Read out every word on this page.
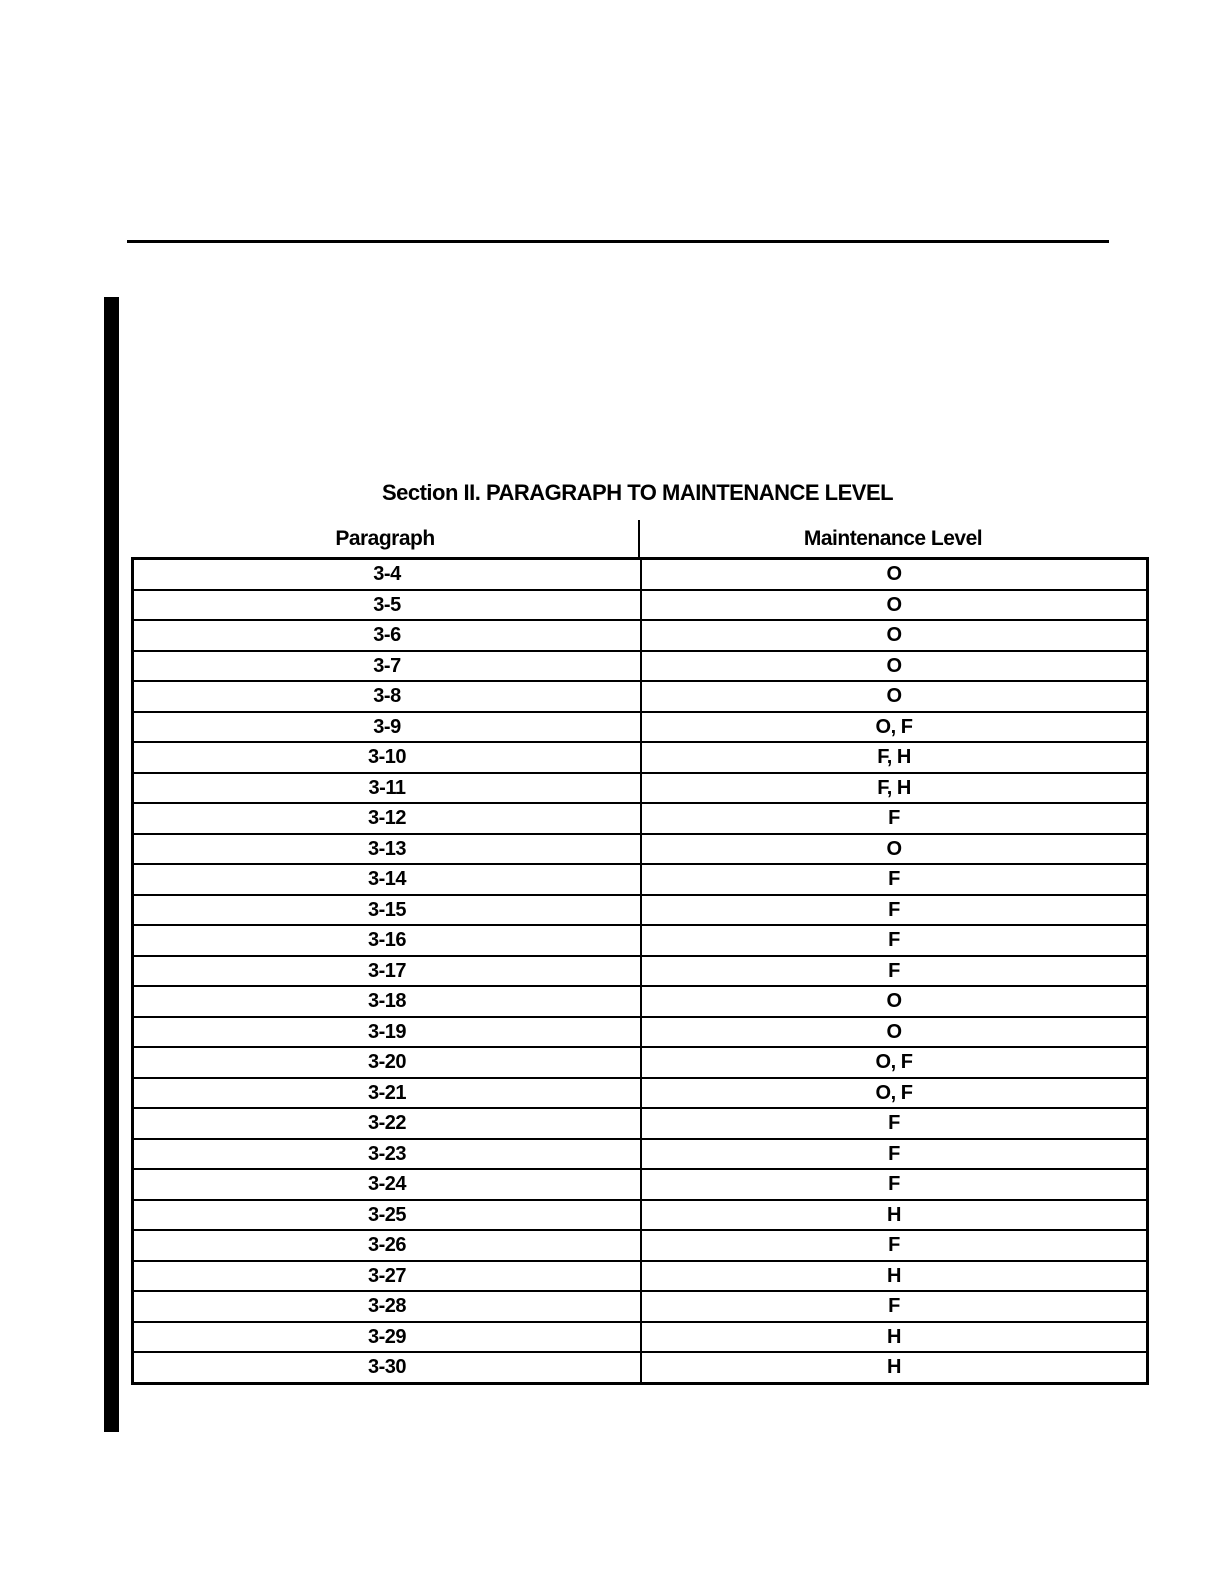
Section II. PARAGRAPH TO MAINTENANCE LEVEL
Paragraph	Maintenance Level
3-4	O
3-5	O
3-6	O
3-7	O
3-8	O
3-9	O, F
3-10	F, H
3-11	F, H
3-12	F
3-13	O
3-14	F
3-15	F
3-16	F
3-17	F
3-18	O
3-19	O
3-20	O, F
3-21	O, F
3-22	F
3-23	F
3-24	F
3-25	H
3-26	F
3-27	H
3-28	F
3-29	H
3-30	H
